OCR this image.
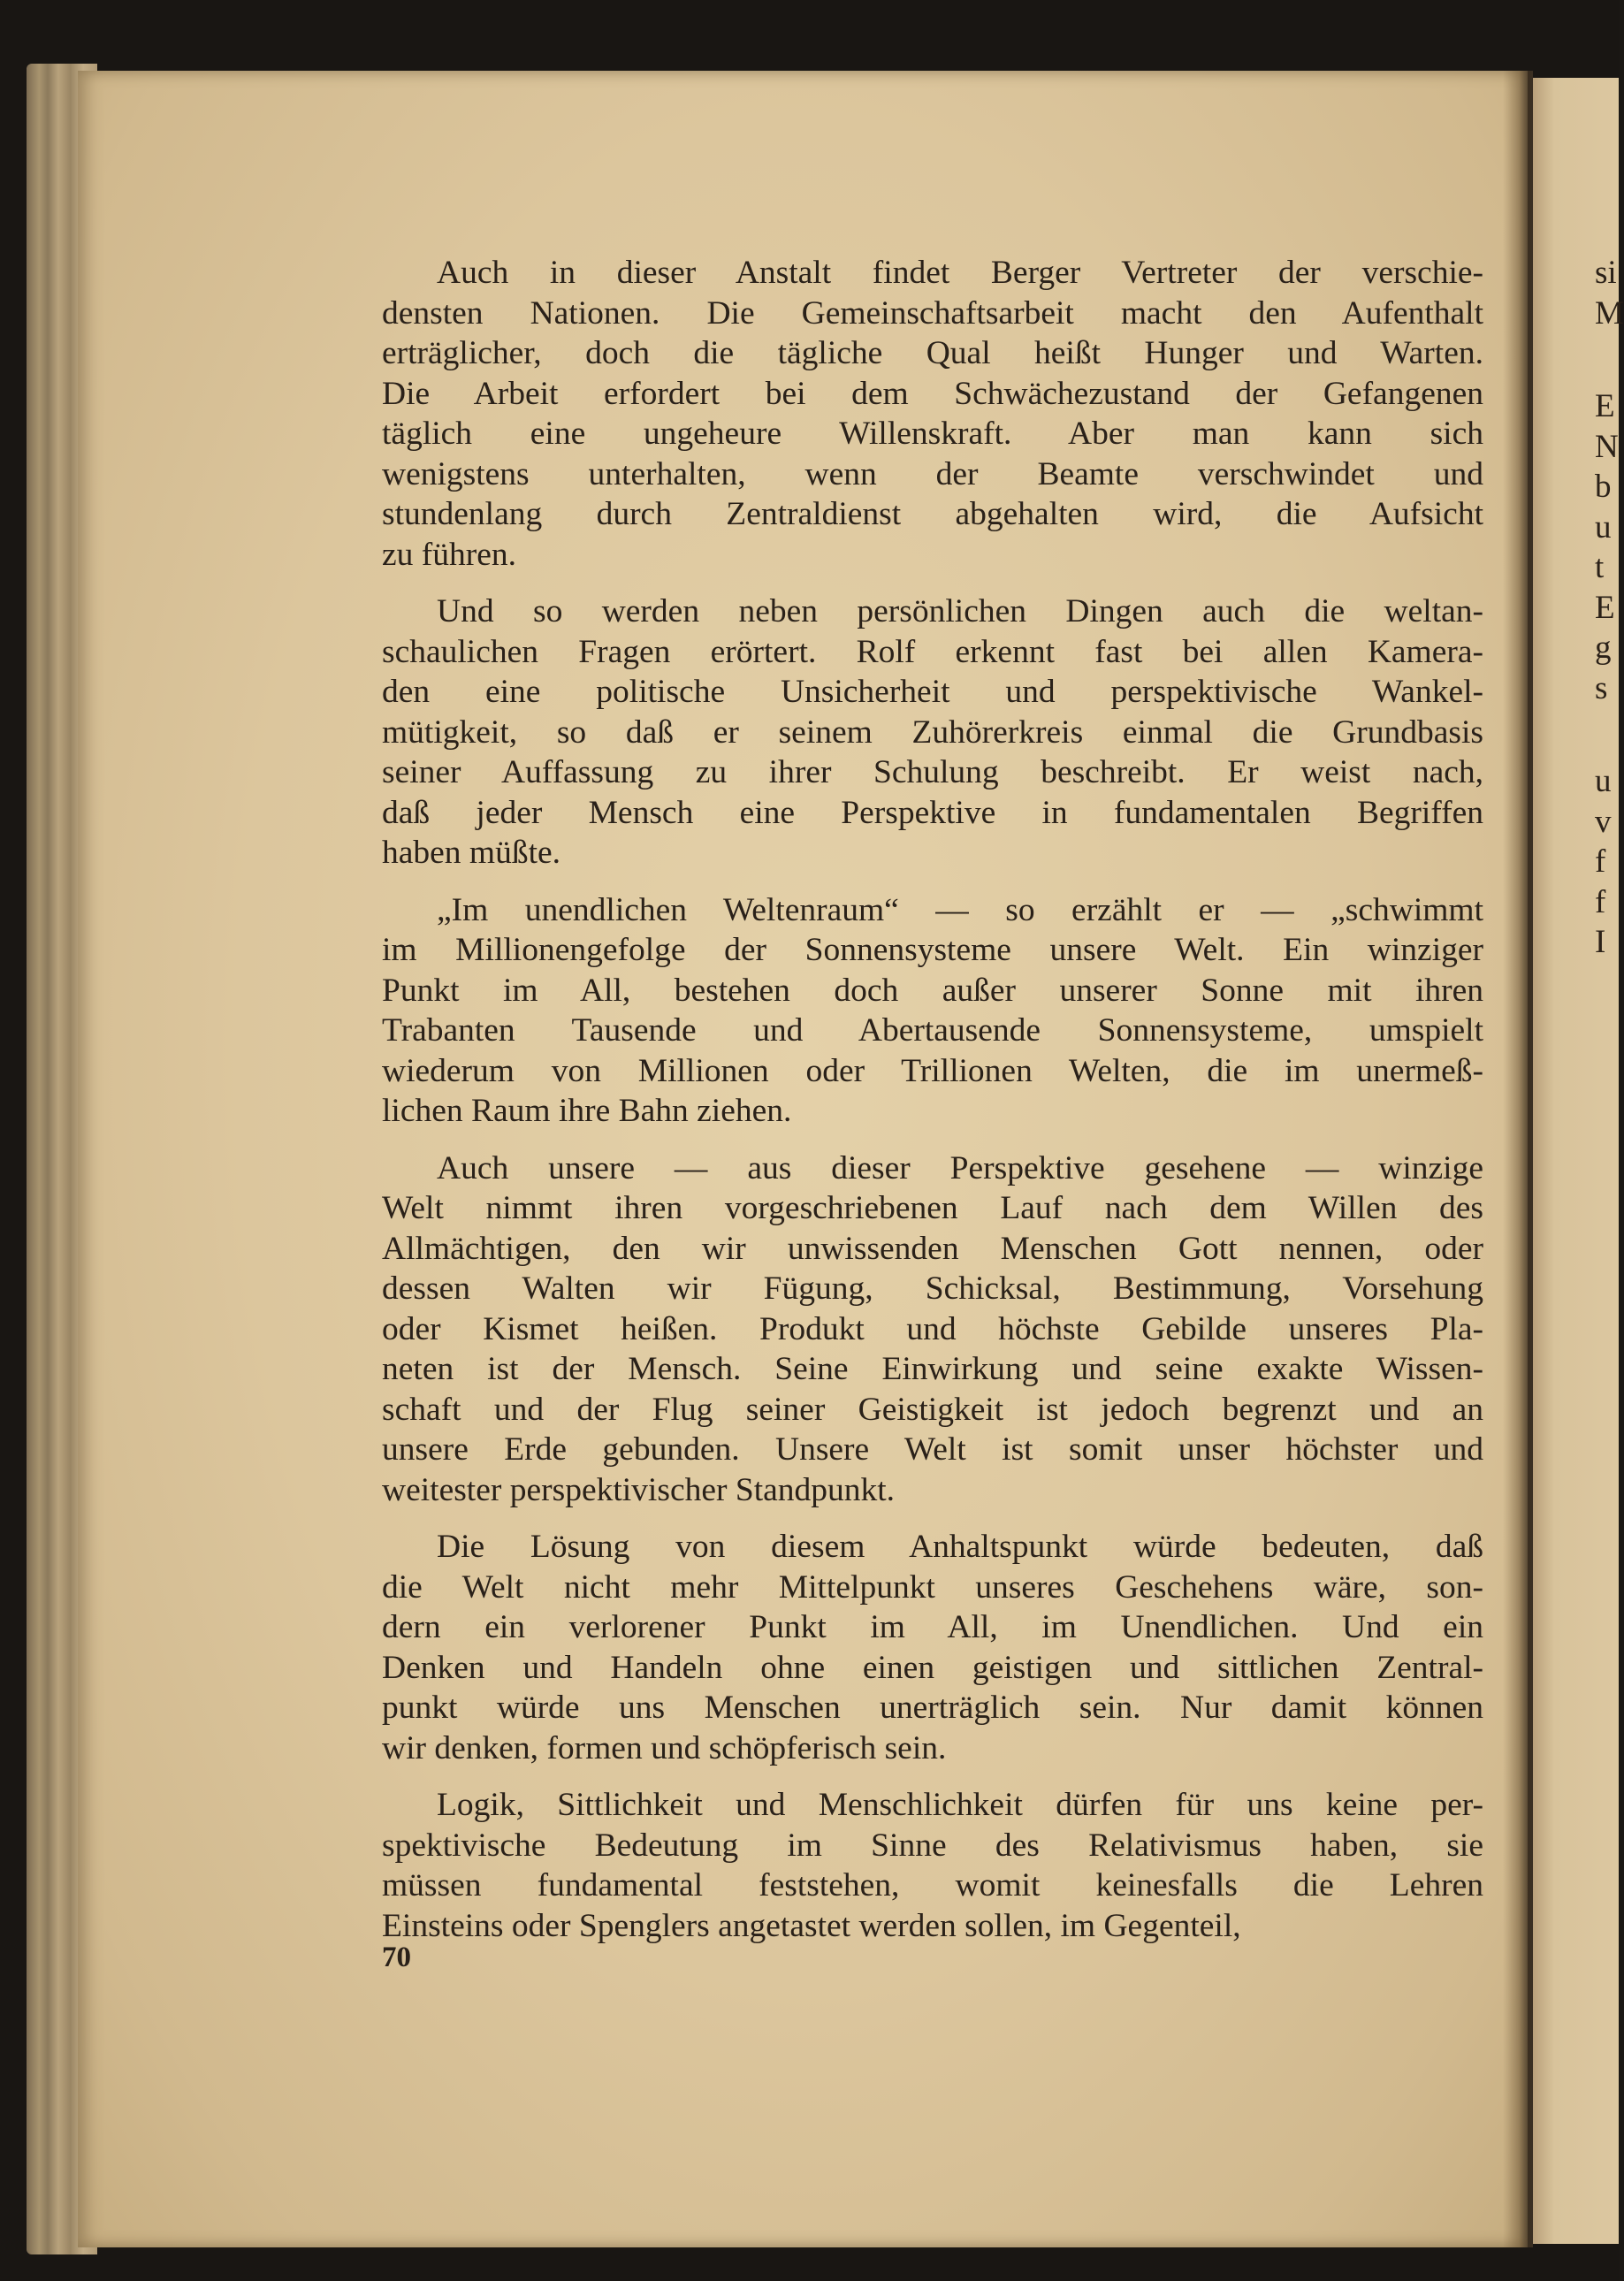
si
M
E
N
b
u
t
E
g
s
u
v
f
f
I

Auch in dieser Anstalt findet Berger Vertreter der verschie-
densten Nationen. Die Gemeinschaftsarbeit macht den Aufenthalt
erträglicher, doch die tägliche Qual heißt Hunger und Warten.
Die Arbeit erfordert bei dem Schwächezustand der Gefangenen
täglich eine ungeheure Willenskraft. Aber man kann sich
wenigstens unterhalten, wenn der Beamte verschwindet und
stundenlang durch Zentraldienst abgehalten wird, die Aufsicht
zu führen.

Und so werden neben persönlichen Dingen auch die weltan-
schaulichen Fragen erörtert. Rolf erkennt fast bei allen Kamera-
den eine politische Unsicherheit und perspektivische Wankel-
mütigkeit, so daß er seinem Zuhörerkreis einmal die Grundbasis
seiner Auffassung zu ihrer Schulung beschreibt. Er weist nach,
daß jeder Mensch eine Perspektive in fundamentalen Begriffen
haben müßte.

„Im unendlichen Weltenraum“ — so erzählt er — „schwimmt
im Millionengefolge der Sonnensysteme unsere Welt. Ein winziger
Punkt im All, bestehen doch außer unserer Sonne mit ihren
Trabanten Tausende und Abertausende Sonnensysteme, umspielt
wiederum von Millionen oder Trillionen Welten, die im unermeß-
lichen Raum ihre Bahn ziehen.

Auch unsere — aus dieser Perspektive gesehene — winzige
Welt nimmt ihren vorgeschriebenen Lauf nach dem Willen des
Allmächtigen, den wir unwissenden Menschen Gott nennen, oder
dessen Walten wir Fügung, Schicksal, Bestimmung, Vorsehung
oder Kismet heißen. Produkt und höchste Gebilde unseres Pla-
neten ist der Mensch. Seine Einwirkung und seine exakte Wissen-
schaft und der Flug seiner Geistigkeit ist jedoch begrenzt und an
unsere Erde gebunden. Unsere Welt ist somit unser höchster und
weitester perspektivischer Standpunkt.

Die Lösung von diesem Anhaltspunkt würde bedeuten, daß
die Welt nicht mehr Mittelpunkt unseres Geschehens wäre, son-
dern ein verlorener Punkt im All, im Unendlichen. Und ein
Denken und Handeln ohne einen geistigen und sittlichen Zentral-
punkt würde uns Menschen unerträglich sein. Nur damit können
wir denken, formen und schöpferisch sein.

Logik, Sittlichkeit und Menschlichkeit dürfen für uns keine per-
spektivische Bedeutung im Sinne des Relativismus haben, sie
müssen fundamental feststehen, womit keinesfalls die Lehren
Einsteins oder Spenglers angetastet werden sollen, im Gegenteil,

70
